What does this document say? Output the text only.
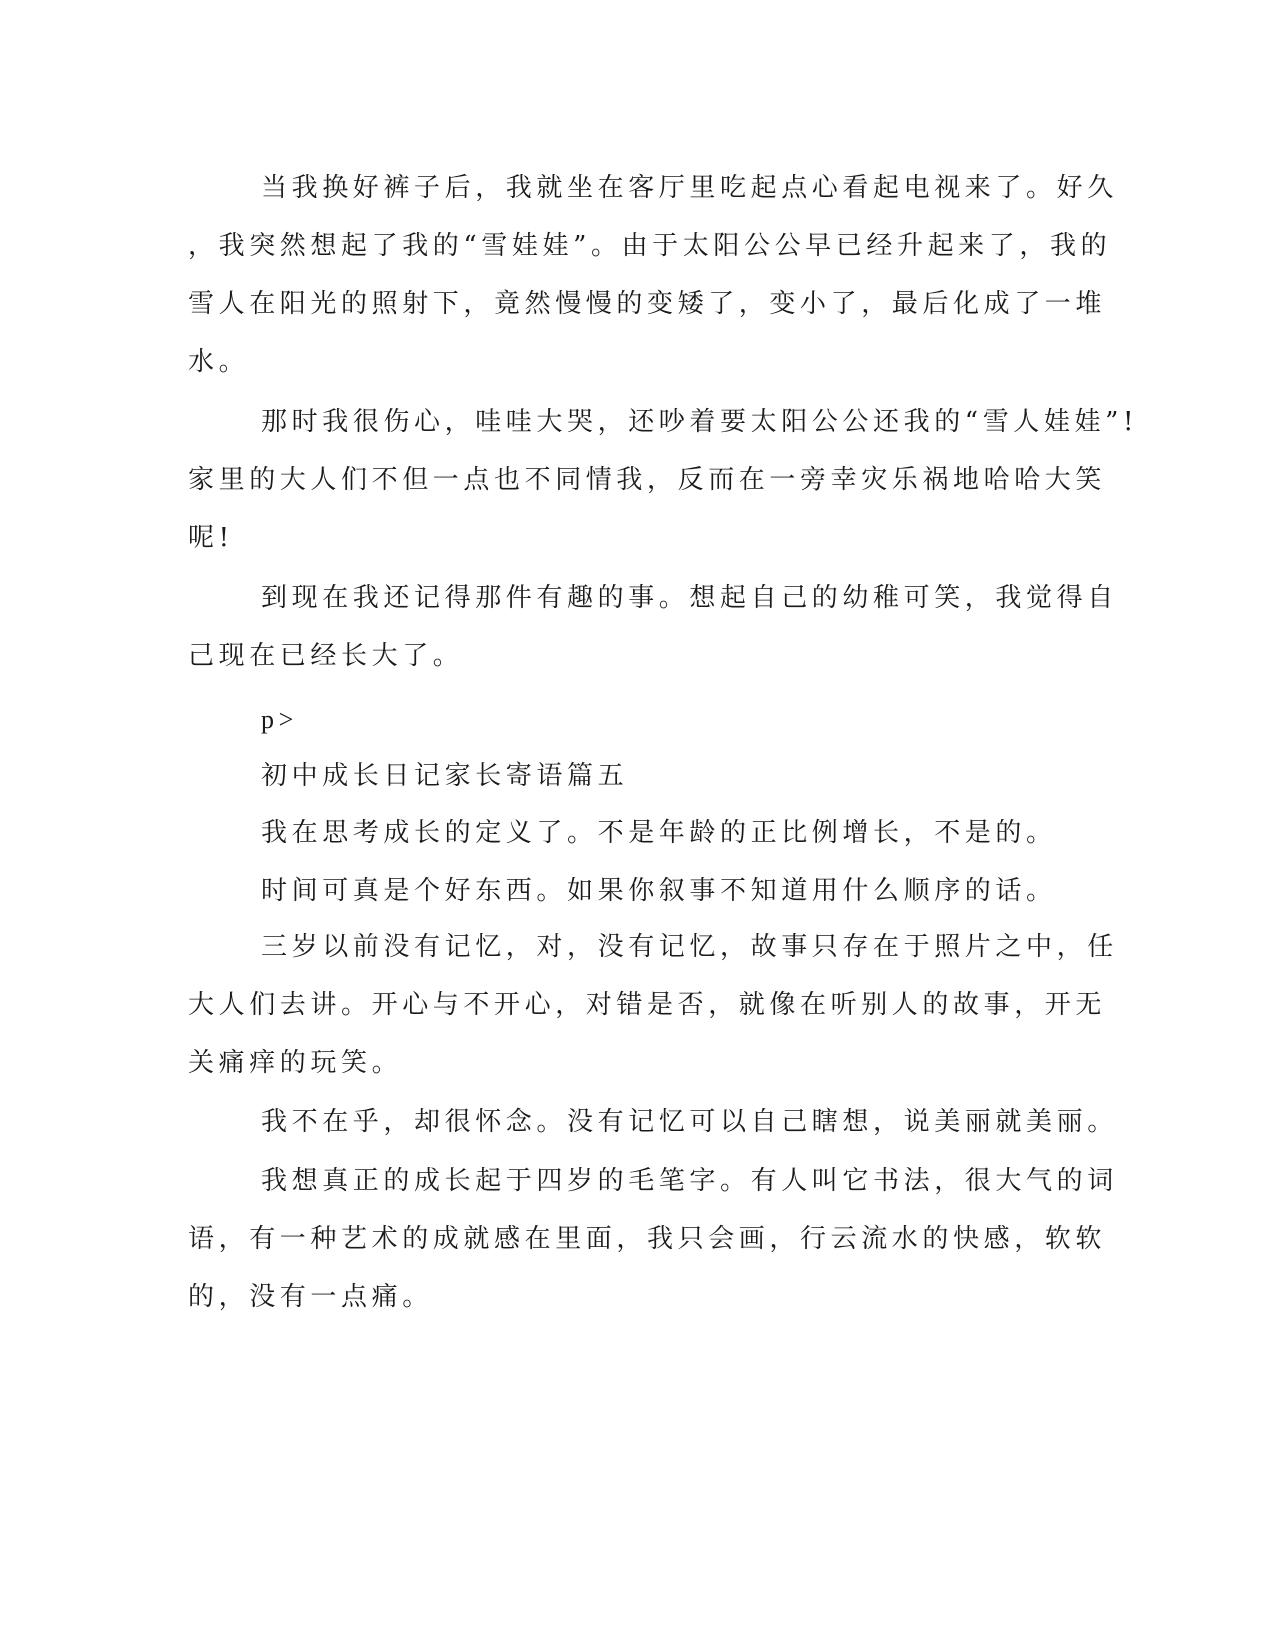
当我换好裤子后，我就坐在客厅里吃起点心看起电视来了。好久
，我突然想起了我的“雪娃娃”。由于太阳公公早已经升起来了，我的
雪人在阳光的照射下，竟然慢慢的变矮了，变小了，最后化成了一堆
水。
那时我很伤心，哇哇大哭，还吵着要太阳公公还我的“雪人娃娃”!
家里的大人们不但一点也不同情我，反而在一旁幸灾乐祸地哈哈大笑
呢!
到现在我还记得那件有趣的事。想起自己的幼稚可笑，我觉得自
己现在已经长大了。
p>
初中成长日记家长寄语篇五
我在思考成长的定义了。不是年龄的正比例增长，不是的。
时间可真是个好东西。如果你叙事不知道用什么顺序的话。
三岁以前没有记忆，对，没有记忆，故事只存在于照片之中，任
大人们去讲。开心与不开心，对错是否，就像在听别人的故事，开无
关痛痒的玩笑。
我不在乎，却很怀念。没有记忆可以自己瞎想，说美丽就美丽。
我想真正的成长起于四岁的毛笔字。有人叫它书法，很大气的词
语，有一种艺术的成就感在里面，我只会画，行云流水的快感，软软
的，没有一点痛。
